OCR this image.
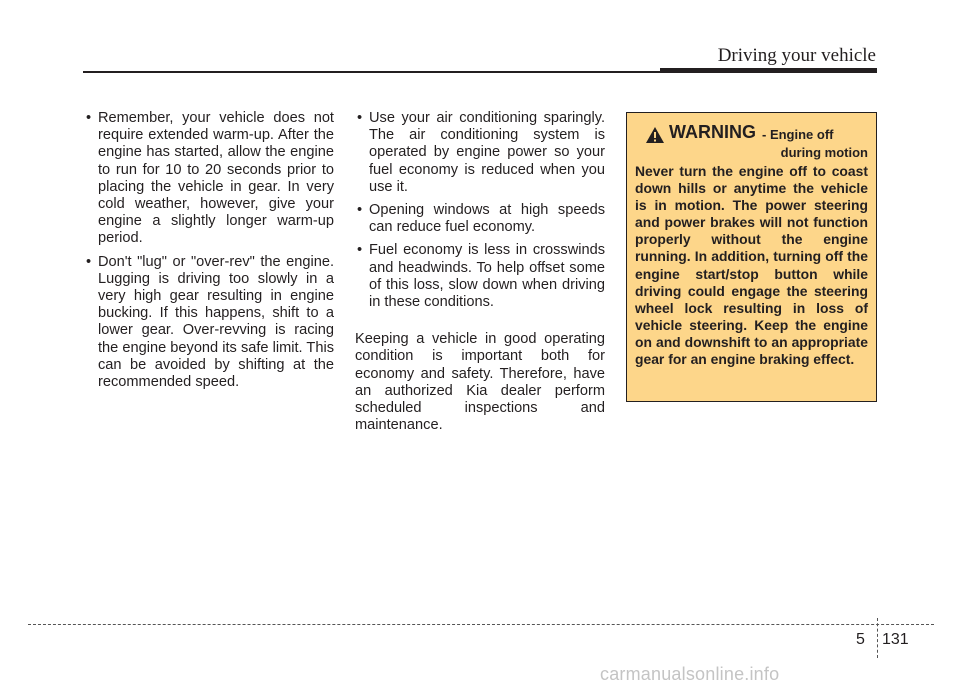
Driving your vehicle
• Remember, your vehicle does not require extended warm-up. After the engine has started, allow the engine to run for 10 to 20 seconds prior to placing the vehicle in gear. In very cold weather, however, give your engine a slightly longer warm-up period.
• Don't "lug" or "over-rev" the engine. Lugging is driving too slowly in a very high gear resulting in engine bucking. If this happens, shift to a lower gear. Over-revving is racing the engine beyond its safe limit. This can be avoided by shifting at the recommended speed.
• Use your air conditioning sparingly. The air conditioning system is operated by engine power so your fuel economy is reduced when you use it.
• Opening windows at high speeds can reduce fuel economy.
• Fuel economy is less in crosswinds and headwinds. To help offset some of this loss, slow down when driving in these conditions.

Keeping a vehicle in good operating condition is important both for economy and safety. Therefore, have an authorized Kia dealer perform scheduled inspections and maintenance.

WARNING - Engine off
during motion

Never turn the engine off to coast down hills or anytime the vehicle is in motion. The power steering and power brakes will not function properly without the engine running. In addition, turning off the engine start/stop button while driving could engage the steering wheel lock resulting in loss of vehicle steering. Keep the engine on and downshift to an appropriate gear for an engine braking effect.

5 131
carmanualsonline.info
